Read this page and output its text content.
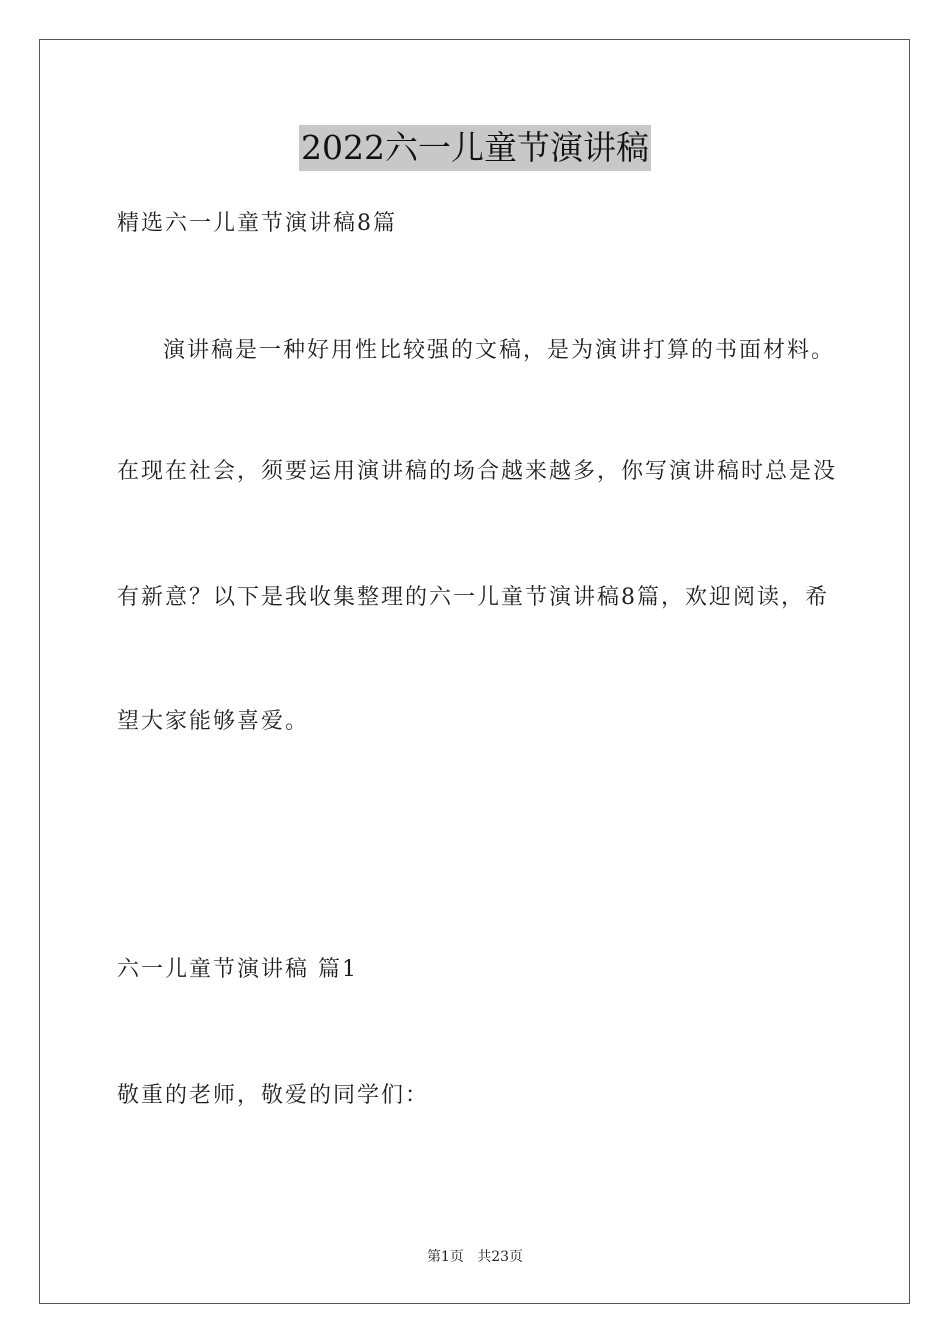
2022六一儿童节演讲稿
精选六一儿童节演讲稿8篇
演讲稿是一种好用性比较强的文稿，是为演讲打算的书面材料。
在现在社会，须要运用演讲稿的场合越来越多，你写演讲稿时总是没
有新意？以下是我收集整理的六一儿童节演讲稿8篇，欢迎阅读，希
望大家能够喜爱。
六一儿童节演讲稿 篇1
敬重的老师，敬爱的同学们：
第1页 共23页
